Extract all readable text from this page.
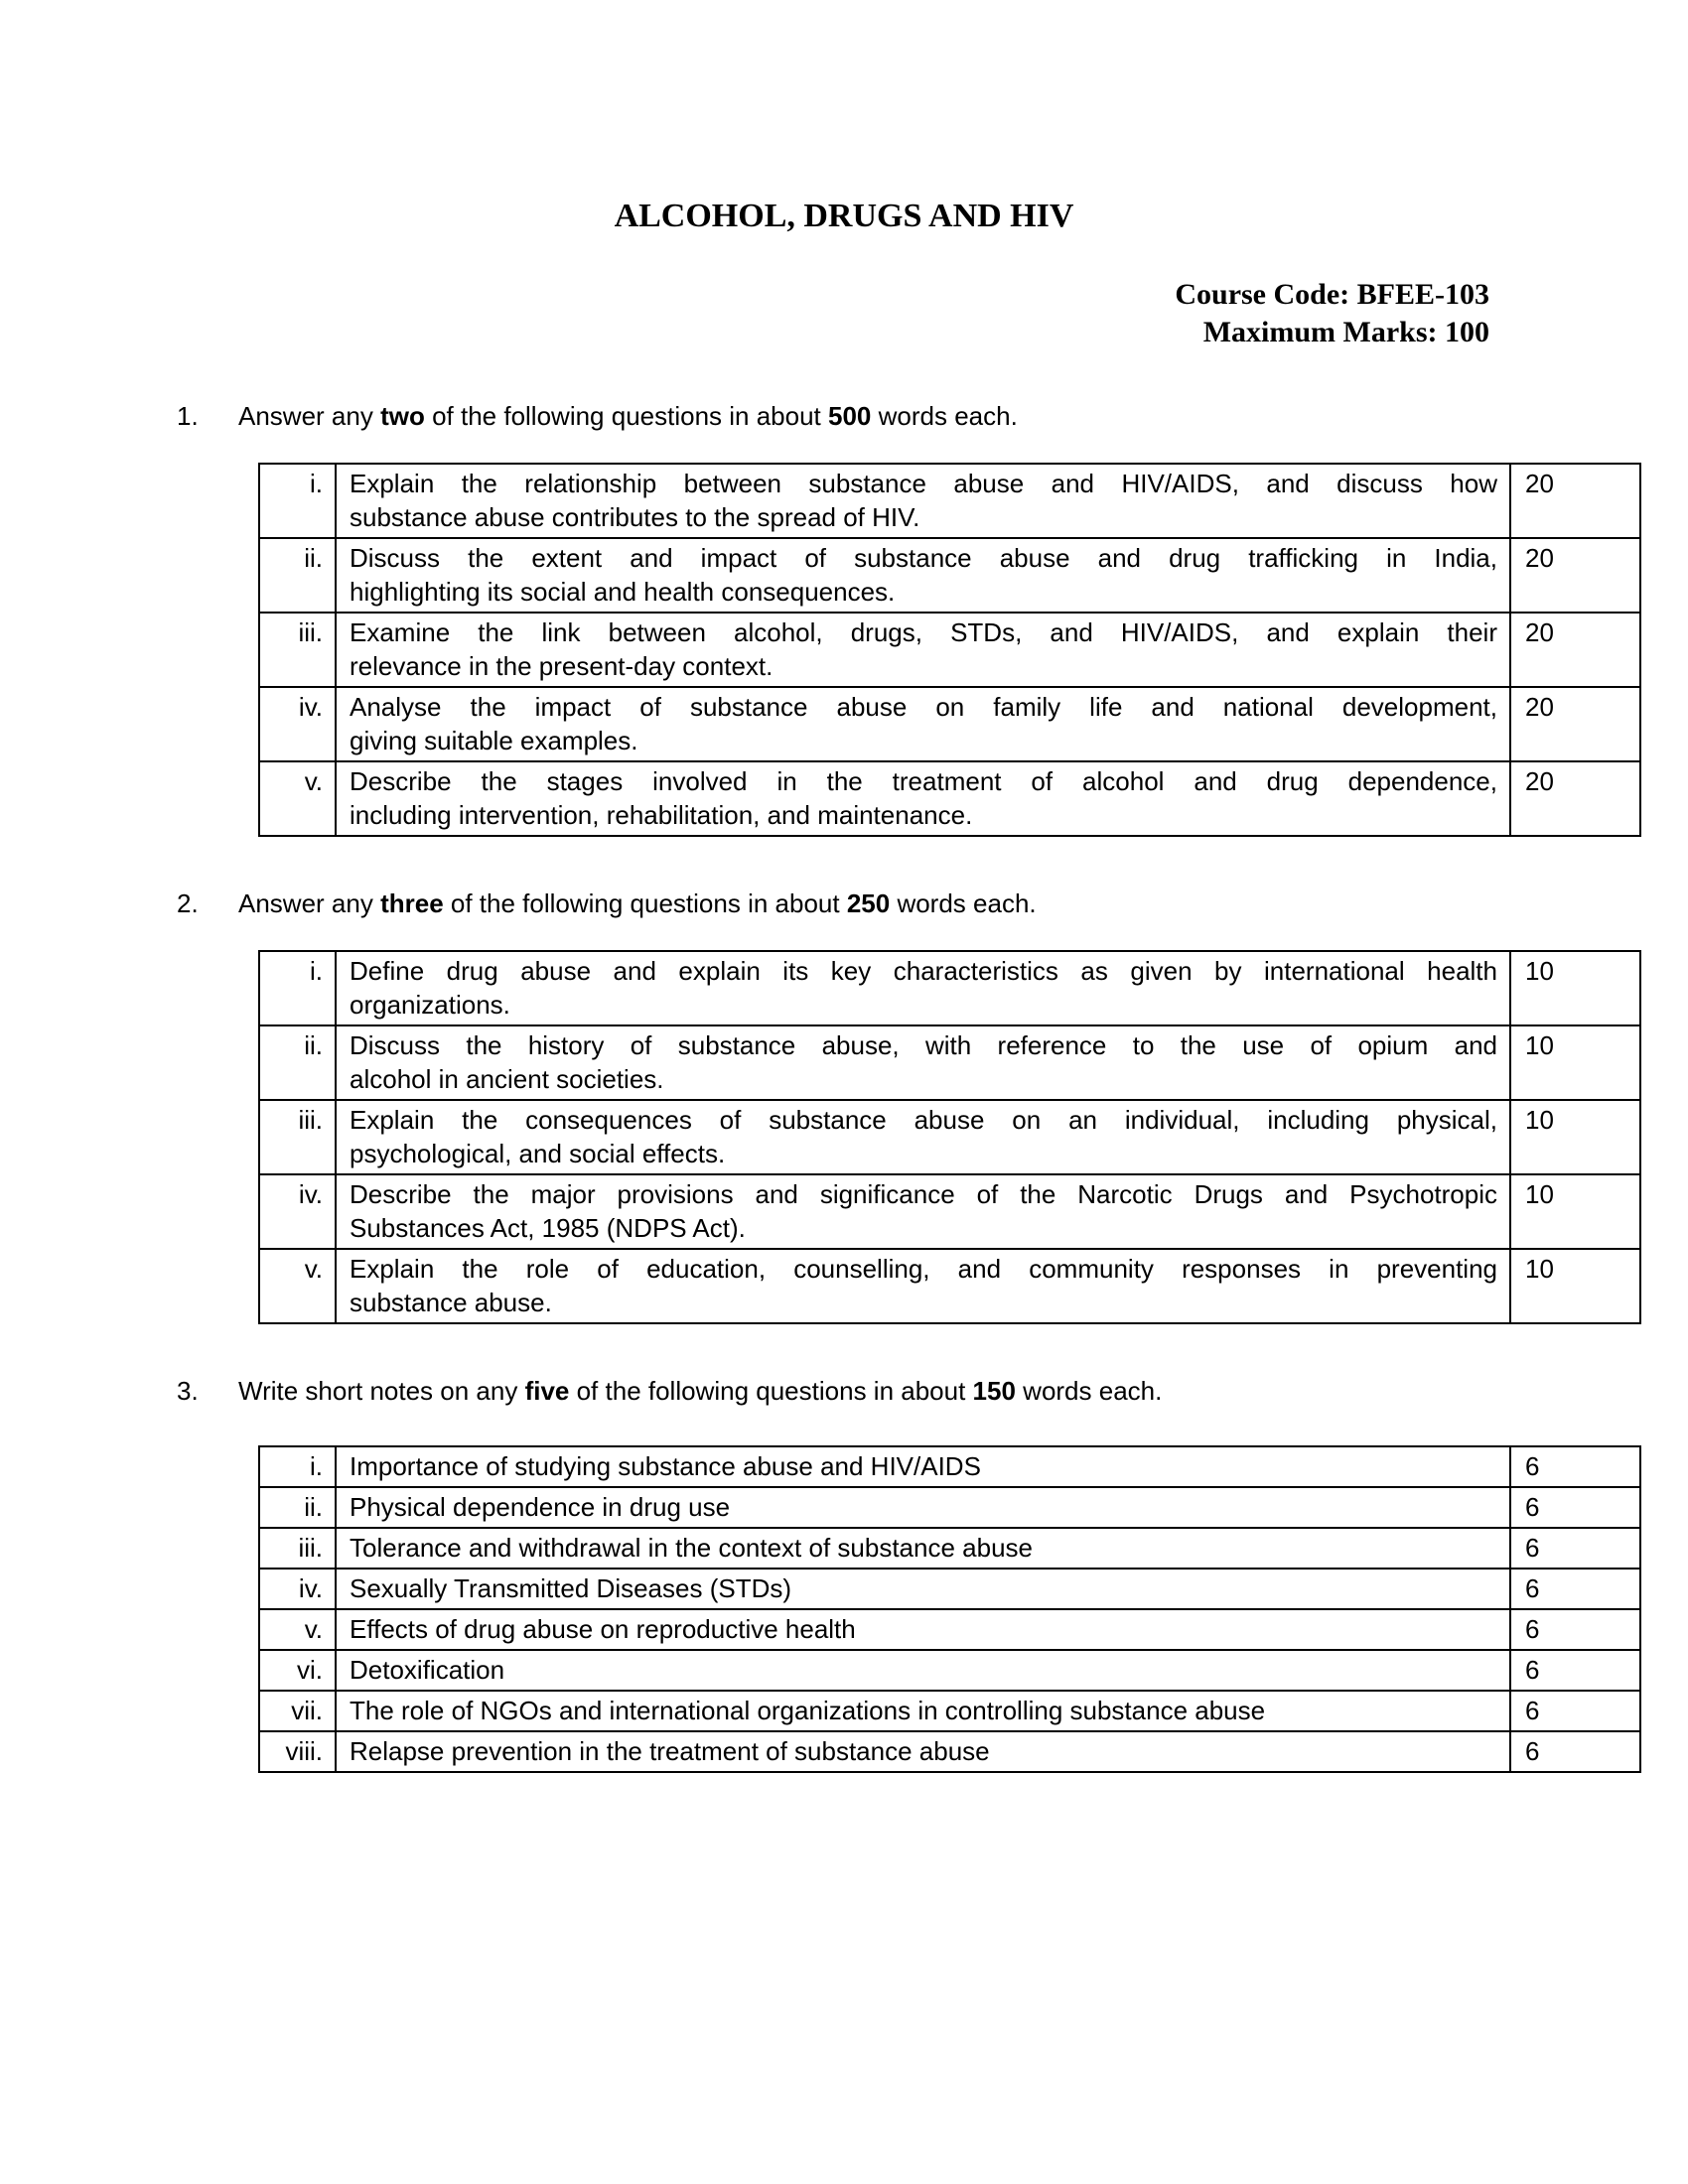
ALCOHOL, DRUGS AND HIV
Course Code: BFEE-103
Maximum Marks: 100
1.	Answer any two of the following questions in about 500 words each.
i.	Explain the relationship between substance abuse and HIV/AIDS, and discuss how
substance abuse contributes to the spread of HIV.	20
ii.	Discuss the extent and impact of substance abuse and drug trafficking in India,
highlighting its social and health consequences.	20
iii.	Examine the link between alcohol, drugs, STDs, and HIV/AIDS, and explain their
relevance in the present-day context.	20
iv.	Analyse the impact of substance abuse on family life and national development,
giving suitable examples.	20
v.	Describe the stages involved in the treatment of alcohol and drug dependence,
including intervention, rehabilitation, and maintenance.	20
2.	Answer any three of the following questions in about 250 words each.
i.	Define drug abuse and explain its key characteristics as given by international health
organizations.	10
ii.	Discuss the history of substance abuse, with reference to the use of opium and
alcohol in ancient societies.	10
iii.	Explain the consequences of substance abuse on an individual, including physical,
psychological, and social effects.	10
iv.	Describe the major provisions and significance of the Narcotic Drugs and Psychotropic
Substances Act, 1985 (NDPS Act).	10
v.	Explain the role of education, counselling, and community responses in preventing
substance abuse.	10
3.	Write short notes on any five of the following questions in about 150 words each.
i.	Importance of studying substance abuse and HIV/AIDS	6
ii.	Physical dependence in drug use	6
iii.	Tolerance and withdrawal in the context of substance abuse	6
iv.	Sexually Transmitted Diseases (STDs)	6
v.	Effects of drug abuse on reproductive health	6
vi.	Detoxification	6
vii.	The role of NGOs and international organizations in controlling substance abuse	6
viii.	Relapse prevention in the treatment of substance abuse	6
